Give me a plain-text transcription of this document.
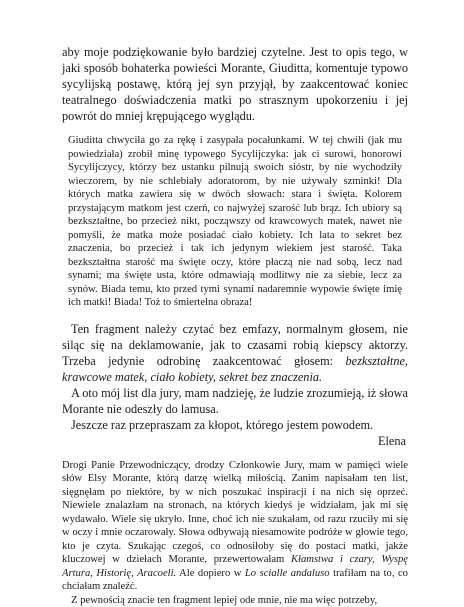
aby moje podziękowanie było bardziej czytelne. Jest to opis tego, w jaki sposób bohaterka powieści Morante, Giuditta, komentuje typowo sycylijską postawę, którą jej syn przyjął, by zaakcentować koniec teatralnego doświadczenia matki po strasznym upokorzeniu i jej powrót do mniej krępującego wyglądu.

Giuditta chwyciła go za rękę i zasypała pocałunkami. W tej chwili (jak mu powiedziała) zrobił minę typowego Sycylijczyka: jak ci surowi, honorowi Sycylijczycy, którzy bez ustanku pilnują swoich sióstr, by nie wychodziły wieczorem, by nie schlebiały adoratorom, by nie używały szminki! Dla których matka zawiera się w dwóch słowach: stara i święta. Kolorem przystającym matkom jest czerń, co najwyżej szarość lub brąz. Ich ubiory są bezkształtne, bo przecież nikt, począwszy od krawcowych matek, nawet nie pomyśli, że matka może posiadać ciało kobiety. Ich lata to sekret bez znaczenia, bo przecież i tak ich jedynym wiekiem jest starość. Taka bezkształtna starość ma święte oczy, które płaczą nie nad sobą, lecz nad synami; ma święte usta, które odmawiają modlitwy nie za siebie, lecz za synów. Biada temu, kto przed tymi synami nadaremnie wypowie święte imię ich matki! Biada! Toż to śmiertelna obraza!

Ten fragment należy czytać bez emfazy, normalnym głosem, nie siląc się na deklamowanie, jak to czasami robią kiepscy aktorzy. Trzeba jedynie odrobinę zaakcentować głosem: bezkształtne, krawcowe matek, ciało kobiety, sekret bez znaczenia.

A oto mój list dla jury, mam nadzieję, że ludzie zrozumieją, iż słowa Morante nie odeszły do lamusa.

Jeszcze raz przepraszam za kłopot, którego jestem powodem.

Elena

Drogi Panie Przewodniczący, drodzy Członkowie Jury, mam w pamięci wiele słów Elsy Morante, którą darzę wielką miłością. Zanim napisałam ten list, sięgnęłam po niektóre, by w nich poszukać inspiracji i na nich się oprzeć. Niewiele znalazłam na stronach, na których kiedyś je widziałam, jak mi się wydawało. Wiele się ukryło. Inne, choć ich nie szukałam, od razu rzuciły mi się w oczy i mnie oczarowały. Słowa odbywają niesamowite podróże w głowie tego, kto je czyta. Szukając czegoś, co odnosiłoby się do postaci matki, jakże kluczowej w dziełach Morante, przewertowałam Kłamstwa i czary, Wyspę Artura, Historię, Aracoeli. Ale dopiero w Lo scialle andaluso trafiłam na to, co chciałam znaleźć.

Z pewnością znacie ten fragment lepiej ode mnie, nie ma więc potrzeby,
